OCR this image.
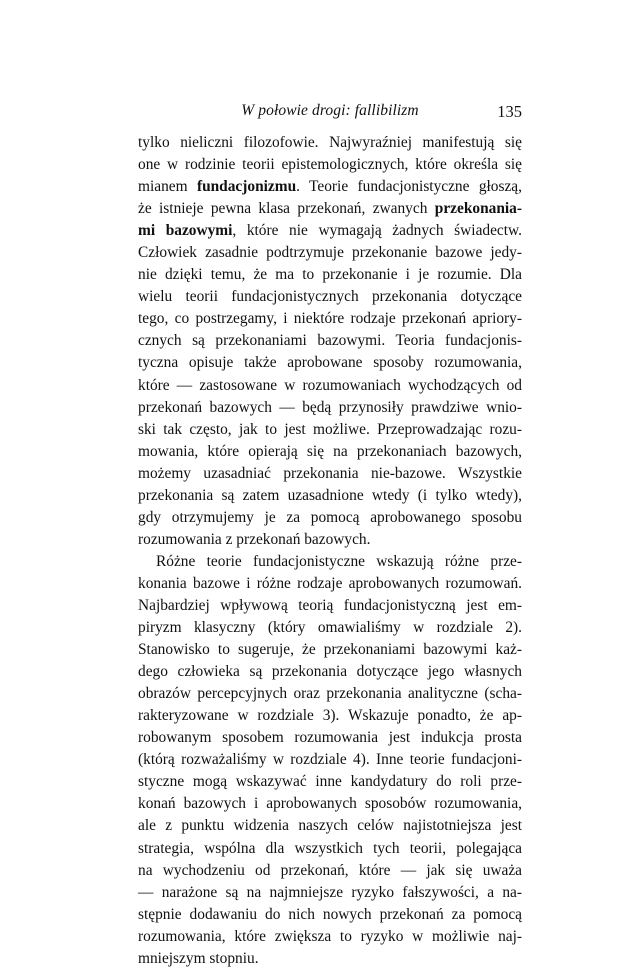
W połowie drogi: fallibilizm	135
tylko nieliczni filozofowie. Najwyraźniej manifestują się
one w rodzinie teorii epistemologicznych, które określa się
mianem fundacjonizmu. Teorie fundacjonistyczne głoszą,
że istnieje pewna klasa przekonań, zwanych przekonania-
mi bazowymi, które nie wymagają żadnych świadectw.
Człowiek zasadnie podtrzymuje przekonanie bazowe jedy-
nie dzięki temu, że ma to przekonanie i je rozumie. Dla
wielu teorii fundacjonistycznych przekonania dotyczące
tego, co postrzegamy, i niektóre rodzaje przekonań apriory-
cznych są przekonaniami bazowymi. Teoria fundacjonis-
tyczna opisuje także aprobowane sposoby rozumowania,
które — zastosowane w rozumowaniach wychodzących od
przekonań bazowych — będą przynosiły prawdziwe wnio-
ski tak często, jak to jest możliwe. Przeprowadzając rozu-
mowania, które opierają się na przekonaniach bazowych,
możemy uzasadniać przekonania nie-bazowe. Wszystkie
przekonania są zatem uzasadnione wtedy (i tylko wtedy),
gdy otrzymujemy je za pomocą aprobowanego sposobu
rozumowania z przekonań bazowych.
Różne teorie fundacjonistyczne wskazują różne prze-
konania bazowe i różne rodzaje aprobowanych rozumowań.
Najbardziej wpływową teorią fundacjonistyczną jest em-
piryzm klasyczny (który omawialiśmy w rozdziale 2).
Stanowisko to sugeruje, że przekonaniami bazowymi każ-
dego człowieka są przekonania dotyczące jego własnych
obrazów percepcyjnych oraz przekonania analityczne (scha-
rakteryzowane w rozdziale 3). Wskazuje ponadto, że ap-
robowanym sposobem rozumowania jest indukcja prosta
(którą rozważaliśmy w rozdziale 4). Inne teorie fundacjoni-
styczne mogą wskazywać inne kandydatury do roli prze-
konań bazowych i aprobowanych sposobów rozumowania,
ale z punktu widzenia naszych celów najistotniejsza jest
strategia, wspólna dla wszystkich tych teorii, polegająca
na wychodzeniu od przekonań, które — jak się uważa
— narażone są na najmniejsze ryzyko fałszywości, a na-
stępnie dodawaniu do nich nowych przekonań za pomocą
rozumowania, które zwiększa to ryzyko w możliwie naj-
mniejszym stopniu.
